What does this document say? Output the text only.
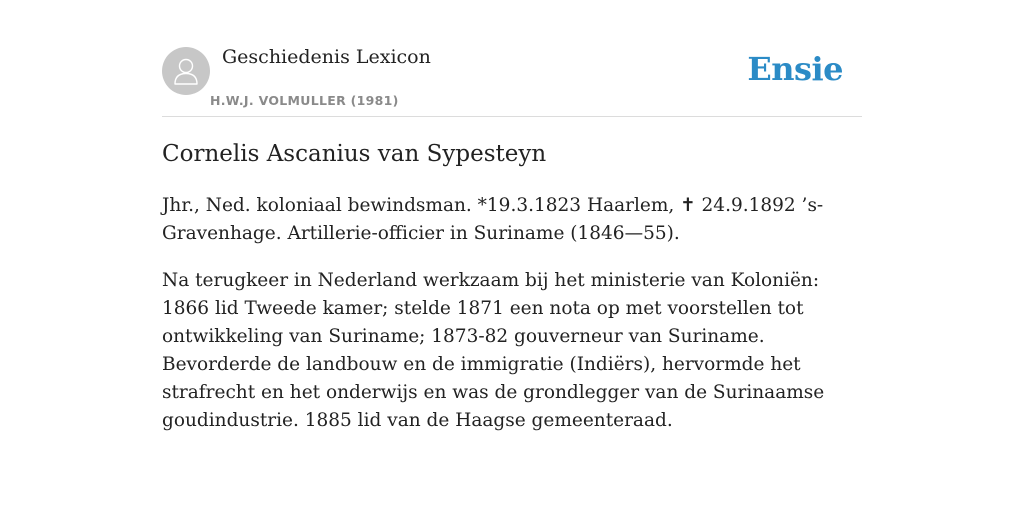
Geschiedenis Lexicon
H.W.J. VOLMULLER (1981)
Ensie
Cornelis Ascanius van Sypesteyn

Jhr., Ned. koloniaal bewindsman. *19.3.1823 Haarlem, ✝ 24.9.1892 ’s-Gravenhage. Artillerie-officier in Suriname (1846—55).

Na terugkeer in Nederland werkzaam bij het ministerie van Koloniën: 1866 lid Tweede kamer; stelde 1871 een nota op met voorstellen tot ontwikkeling van Suriname; 1873-82 gouverneur van Suriname. Bevorderde de landbouw en de immigratie (Indiërs), hervormde het strafrecht en het onderwijs en was de grondlegger van de Surinaamse goudindustrie. 1885 lid van de Haagse gemeenteraad.
